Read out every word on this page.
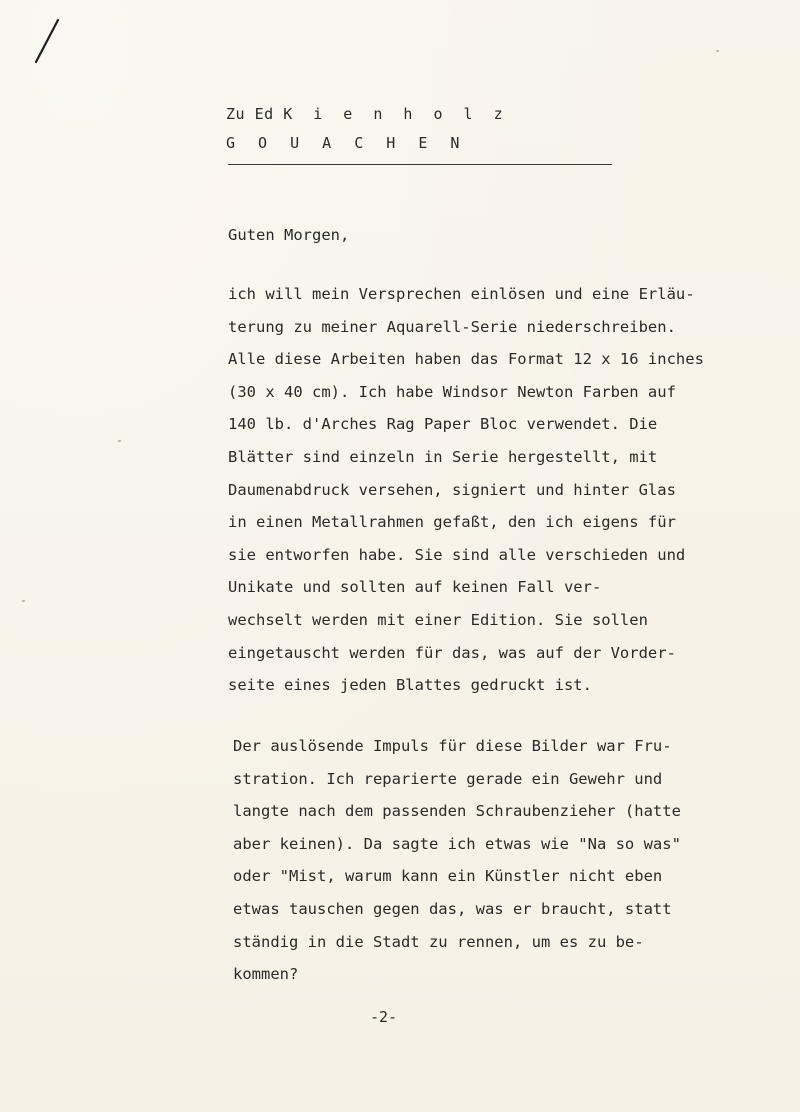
Zu Ed K i e n h o l z
G O U A C H E N
Guten Morgen,
ich will mein Versprechen einlösen und eine Erläu-
terung zu meiner Aquarell-Serie niederschreiben.
Alle diese Arbeiten haben das Format 12 x 16 inches
(30 x 40 cm). Ich habe Windsor Newton Farben auf
140 lb. d'Arches Rag Paper Bloc verwendet. Die
Blätter sind einzeln in Serie hergestellt, mit
Daumenabdruck versehen, signiert und hinter Glas
in einen Metallrahmen gefaßt, den ich eigens für
sie entworfen habe. Sie sind alle verschieden und
Unikate und sollten auf keinen Fall ver-
wechselt werden mit einer Edition. Sie sollen
eingetauscht werden für das, was auf der Vorder-
seite eines jeden Blattes gedruckt ist.
Der auslösende Impuls für diese Bilder war Fru-
stration. Ich reparierte gerade ein Gewehr und
langte nach dem passenden Schraubenzieher (hatte
aber keinen). Da sagte ich etwas wie "Na so was"
oder "Mist, warum kann ein Künstler nicht eben
etwas tauschen gegen das, was er braucht, statt
ständig in die Stadt zu rennen, um es zu be-
kommen?
-2-
